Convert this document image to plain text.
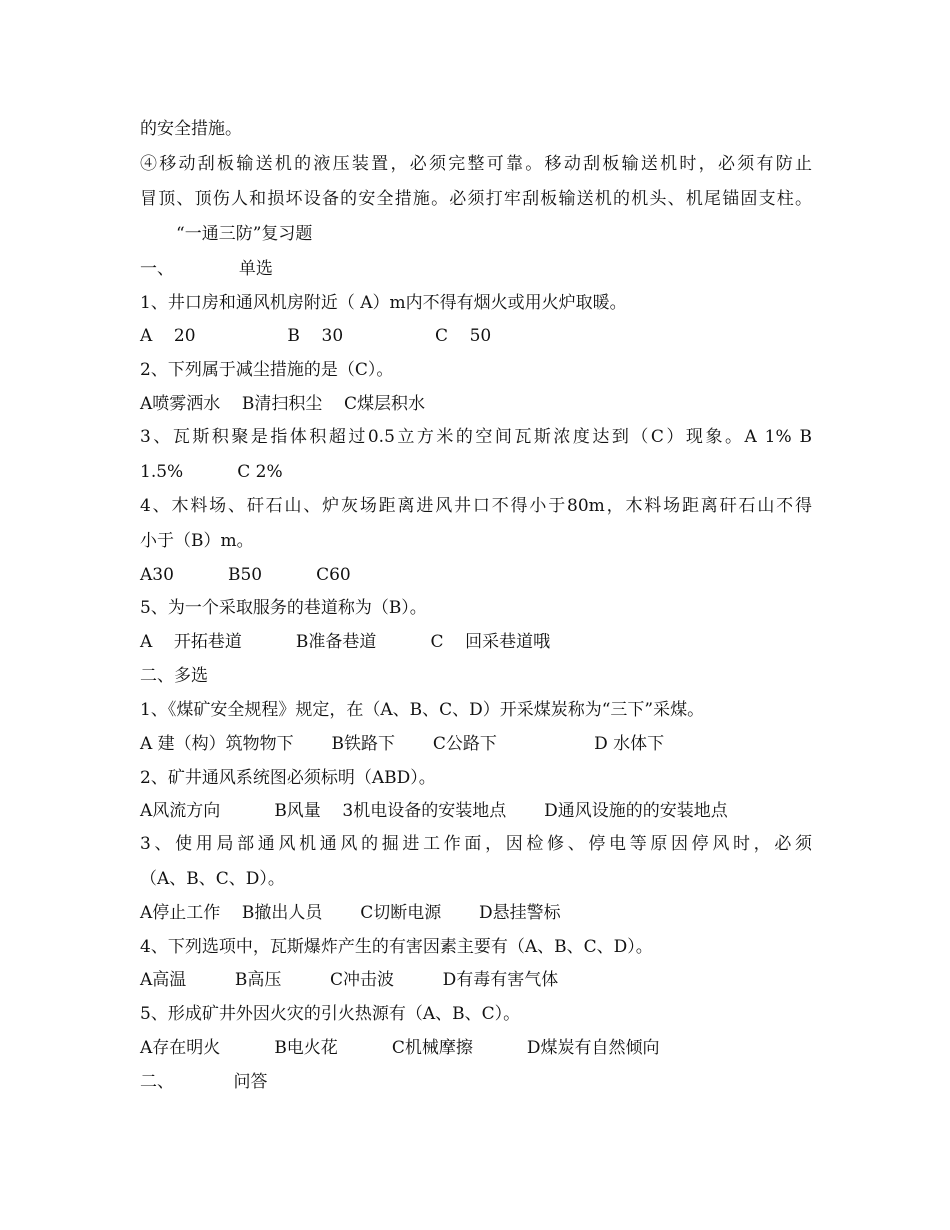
的安全措施。
④移动刮板输送机的液压装置，必须完整可靠。移动刮板输送机时，必须有防止
冒顶、顶伤人和损坏设备的安全措施。必须打牢刮板输送机的机头、机尾锚固支柱。
“一通三防”复习题
一、            单选
1、井口房和通风机房附近（ A）m内不得有烟火或用火炉取暖。
A    20                 B    30                 C    50
2、下列属于减尘措施的是（C）。
A喷雾洒水    B清扫积尘    C煤层积水
3、瓦斯积聚是指体积超过0.5立方米的空间瓦斯浓度达到（C）现象。A 1% B
1.5%          C 2%
4、木料场、矸石山、炉灰场距离进风井口不得小于80m，木料场距离矸石山不得
小于（B）m。
A30          B50          C60
5、为一个采取服务的巷道称为（B）。
A    开拓巷道          B准备巷道          C    回采巷道哦
二、多选
1、《煤矿安全规程》规定，在（A、B、C、D）开采煤炭称为“三下”采煤。
A 建（构）筑物物下       B铁路下       C公路下                  D 水体下
2、矿井通风系统图必须标明（ABD）。
A风流方向          B风量    3机电设备的安装地点       D通风设施的的安装地点
3、使用局部通风机通风的掘进工作面，因检修、停电等原因停风时，必须
（A、B、C、D）。
A停止工作    B撤出人员       C切断电源       D悬挂警标
4、下列选项中，瓦斯爆炸产生的有害因素主要有（A、B、C、D）。
A高温         B高压         C冲击波         D有毒有害气体
5、形成矿井外因火灾的引火热源有（A、B、C）。
A存在明火          B电火花          C机械摩擦          D煤炭有自然倾向
二、           问答
